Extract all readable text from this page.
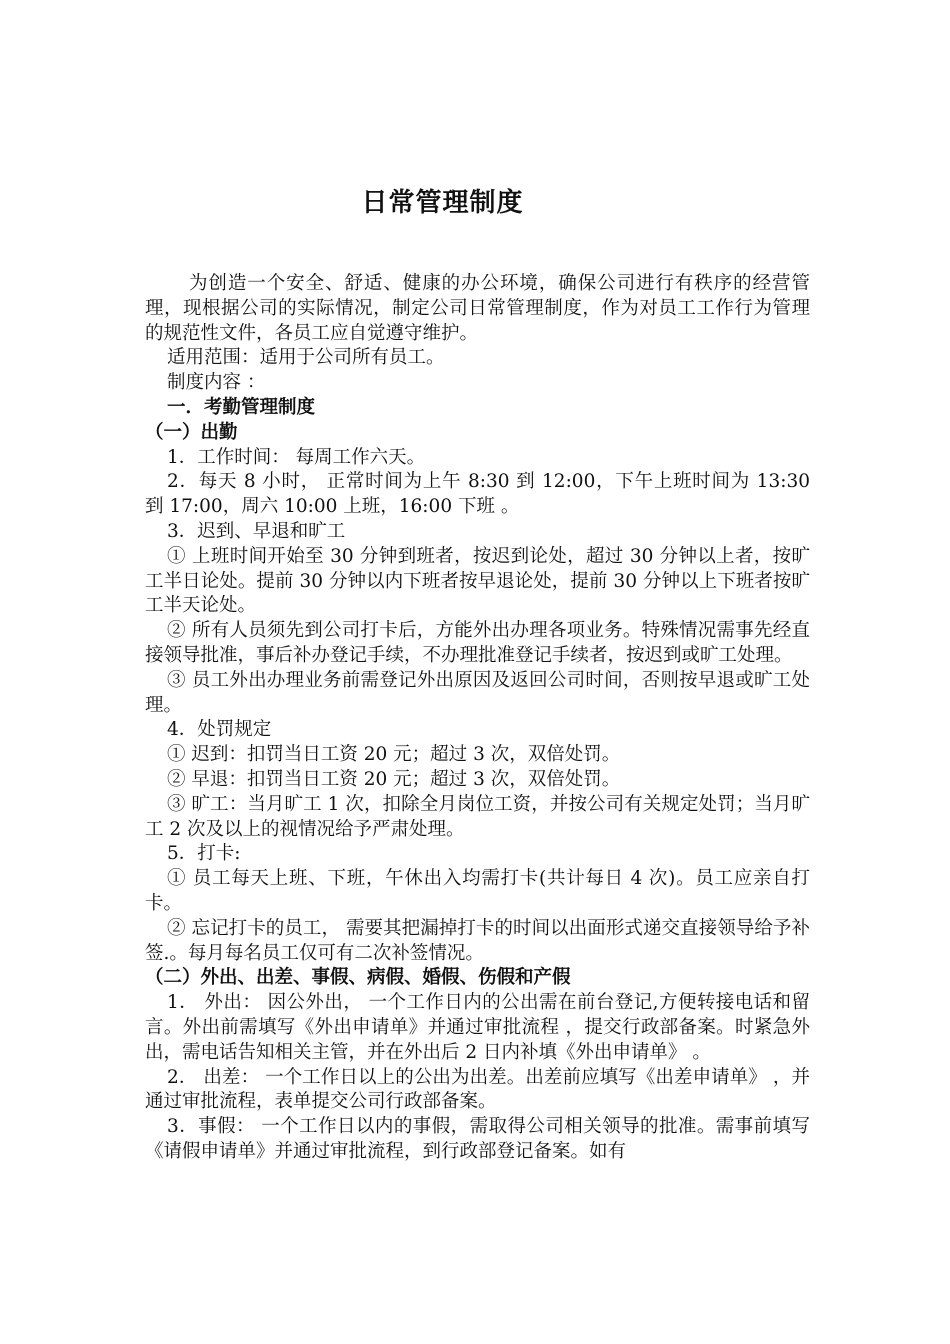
日常管理制度

为创造一个安全、舒适、健康的办公环境，确保公司进行有秩序的经营管理，现根据公司的实际情况，制定公司日常管理制度，作为对员工工作行为管理的规范性文件，各员工应自觉遵守维护。

适用范围：适用于公司所有员工。

制度内容 ：

一．考勤管理制度

（一）出勤

1．工作时间： 每周工作六天。

2．每天 8 小时， 正常时间为上午 8:30 到 12:00，下午上班时间为 13:30 到 17:00，周六 10:00 上班，16:00 下班 。

3．迟到、早退和旷工

① 上班时间开始至 30 分钟到班者，按迟到论处，超过 30 分钟以上者，按旷工半日论处。提前 30 分钟以内下班者按早退论处，提前 30 分钟以上下班者按旷工半天论处。

② 所有人员须先到公司打卡后，方能外出办理各项业务。特殊情况需事先经直接领导批准，事后补办登记手续，不办理批准登记手续者，按迟到或旷工处理。

③ 员工外出办理业务前需登记外出原因及返回公司时间，否则按早退或旷工处理。

4．处罚规定

① 迟到：扣罚当日工资 20 元；超过 3 次，双倍处罚。

② 早退：扣罚当日工资 20 元；超过 3 次，双倍处罚。

③ 旷工：当月旷工 1 次，扣除全月岗位工资，并按公司有关规定处罚；当月旷工 2 次及以上的视情况给予严肃处理。

5．打卡:

① 员工每天上班、下班，午休出入均需打卡(共计每日 4 次)。员工应亲自打卡。

② 忘记打卡的员工， 需要其把漏掉打卡的时间以出面形式递交直接领导给予补签.。每月每名员工仅可有二次补签情况。

（二）外出、出差、事假、病假、婚假、伤假和产假

1． 外出： 因公外出， 一个工作日内的公出需在前台登记,方便转接电话和留言。外出前需填写《外出申请单》并通过审批流程 ，提交行政部备案。时紧急外出，需电话告知相关主管，并在外出后 2 日内补填《外出申请单》 。

2． 出差： 一个工作日以上的公出为出差。出差前应填写《出差申请单》 ，并通过审批流程，表单提交公司行政部备案。

3．事假： 一个工作日以内的事假，需取得公司相关领导的批准。需事前填写《请假申请单》并通过审批流程，到行政部登记备案。如有
